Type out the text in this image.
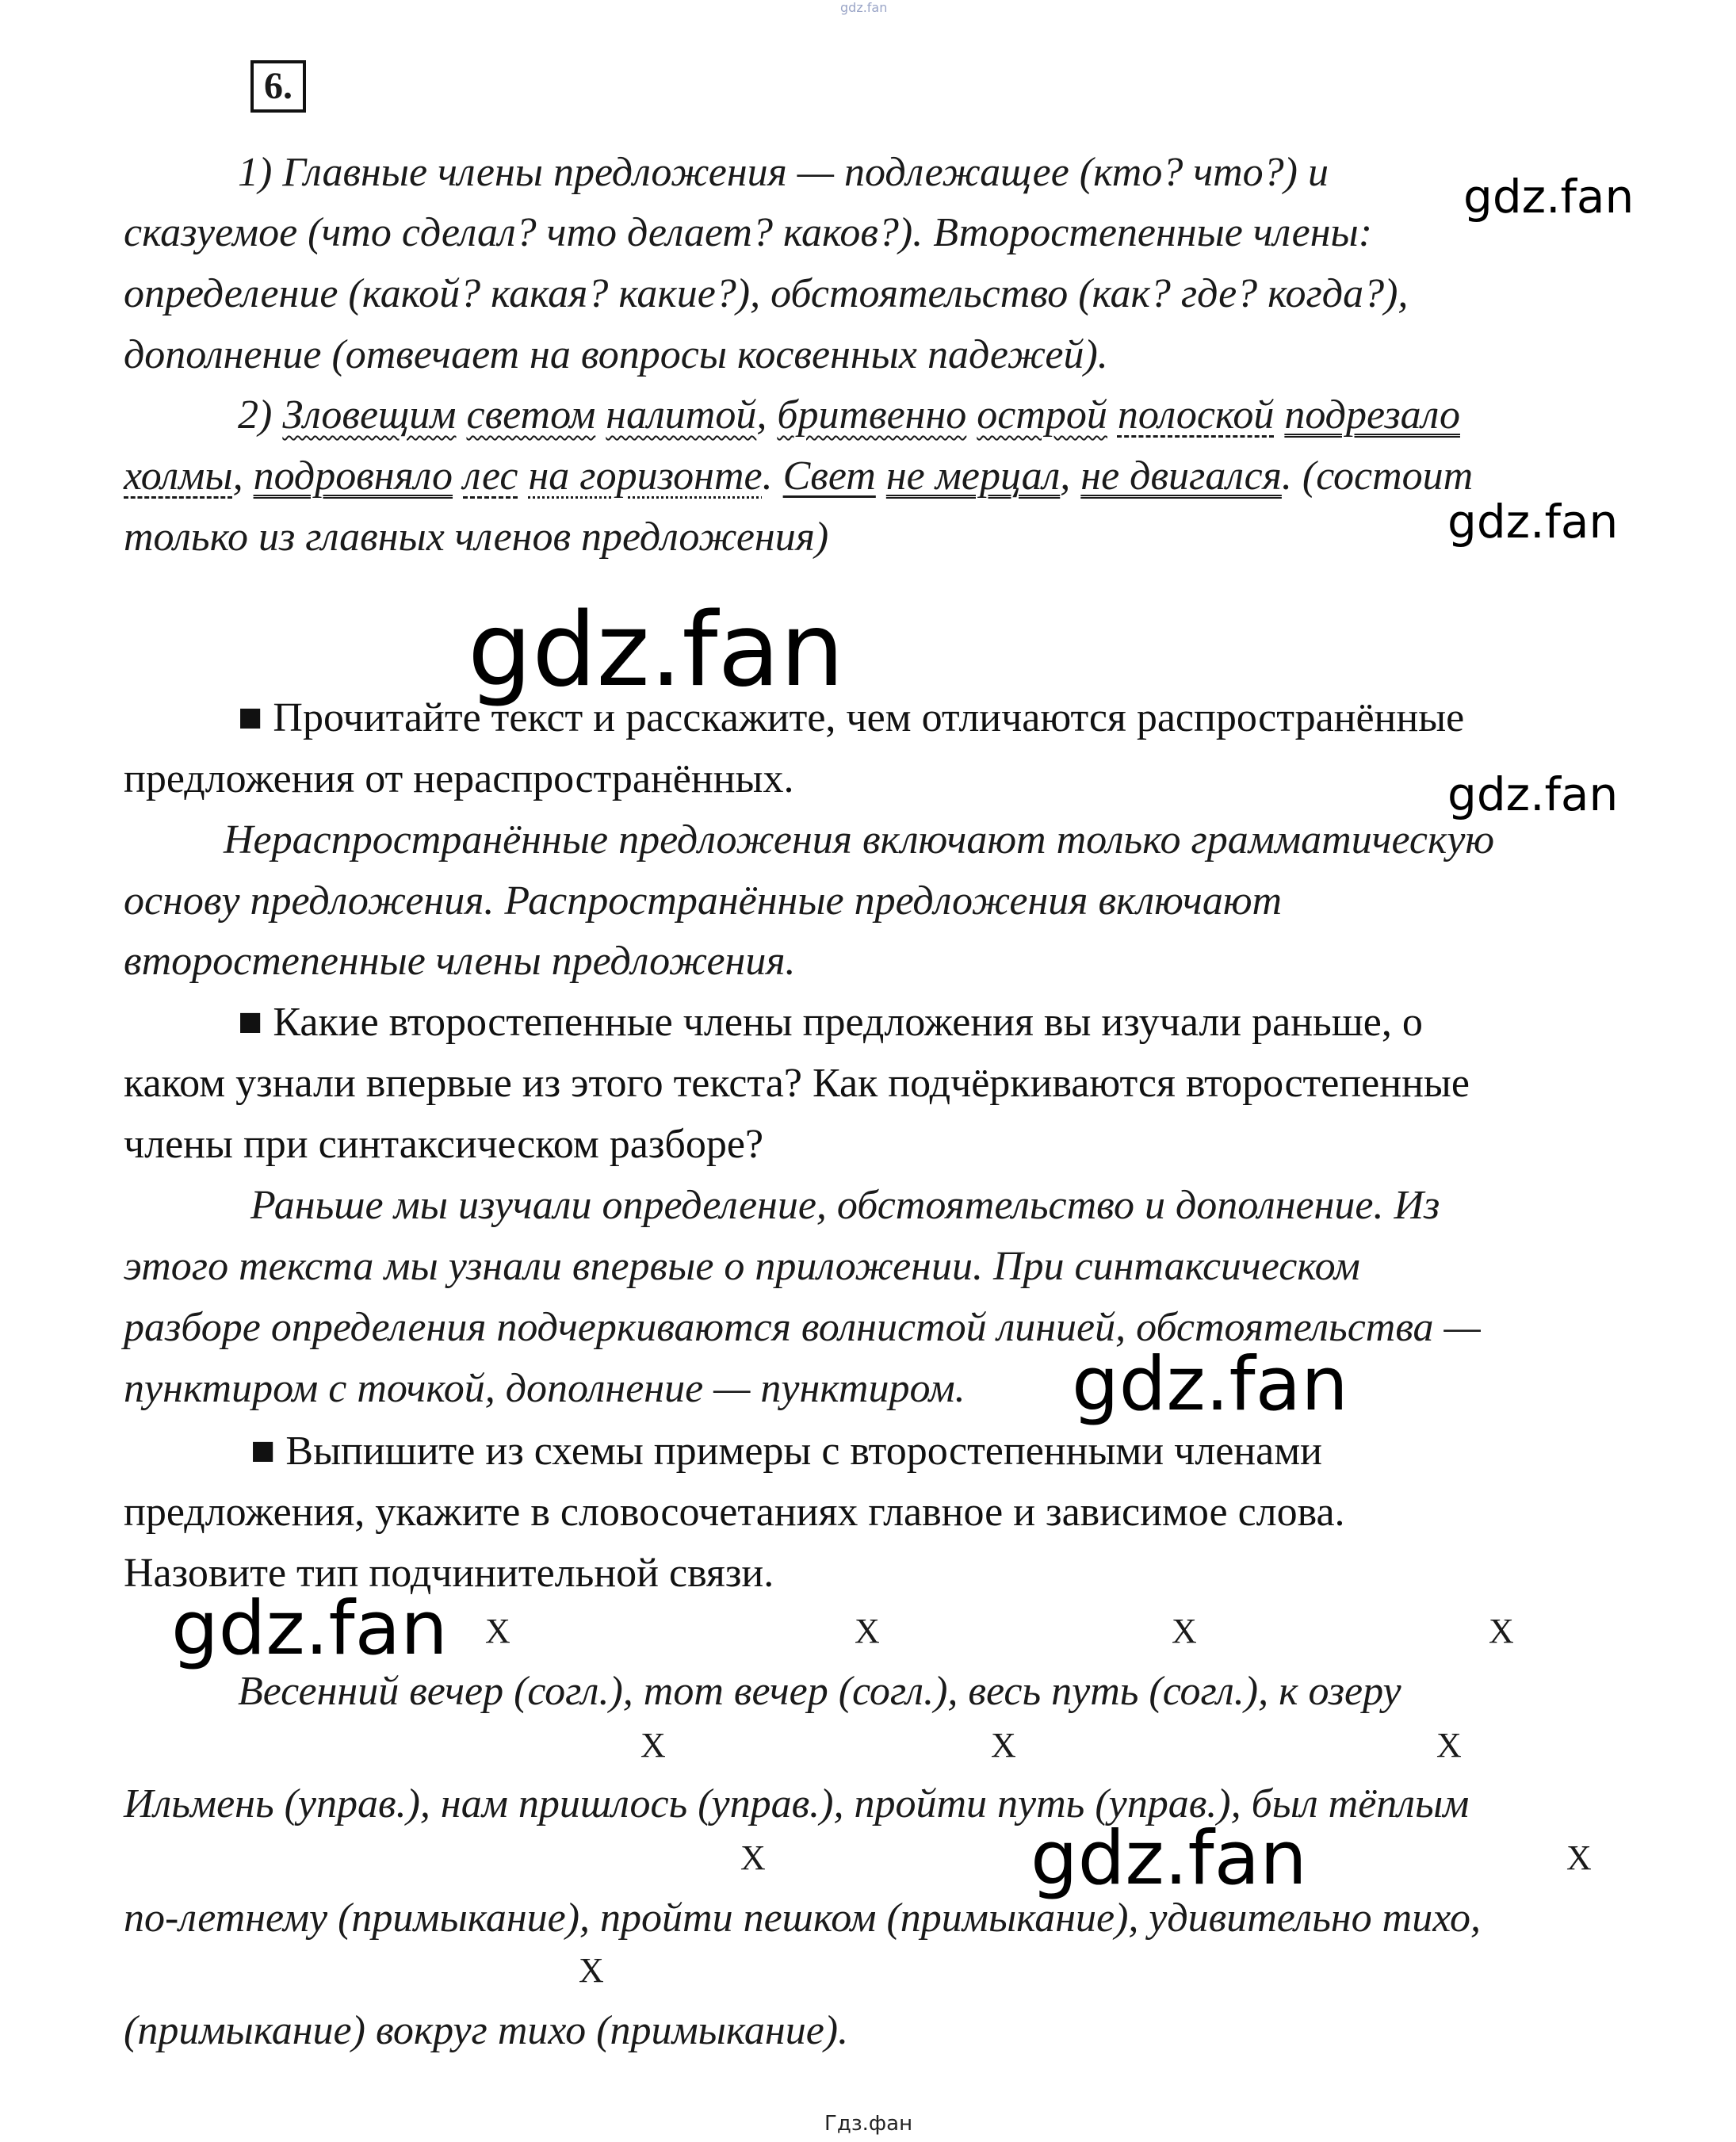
gdz.fan
6.
1) Главные члены предложения — подлежащее (кто? что?) и
сказуемое (что сделал? что делает? каков?). Второстепенные члены:
определение (какой? какая? какие?), обстоятельство (как? где? когда?),
дополнение (отвечает на вопросы косвенных падежей).
2) Зловещим светом налитой, бритвенно острой полоской подрезало
холмы, подровняло лес на горизонте. Свет не мерцал, не двигался. (состоит
только из главных членов предложения)
■ Прочитайте текст и расскажите, чем отличаются распространённые
предложения от нераспространённых.
Нераспространённые предложения включают только грамматическую
основу предложения. Распространённые предложения включают
второстепенные члены предложения.
■ Какие второстепенные члены предложения вы изучали раньше, о
каком узнали впервые из этого текста? Как подчёркиваются второстепенные
члены при синтаксическом разборе?
Раньше мы изучали определение, обстоятельство и дополнение. Из
этого текста мы узнали впервые о приложении. При синтаксическом
разборе определения подчеркиваются волнистой линией, обстоятельства —
пунктиром с точкой, дополнение — пунктиром.
■ Выпишите из схемы примеры с второстепенными членами
предложения, укажите в словосочетаниях главное и зависимое слова.
Назовите тип подчинительной связи.
X	X	X	X
Весенний вечер (согл.), тот вечер (согл.), весь путь (согл.), к озеру
X	X	X
Ильмень (управ.), нам пришлось (управ.), пройти путь (управ.), был тёплым
X	X
по-летнему (примыкание), пройти пешком (примыкание), удивительно тихо,
X
(примыкание) вокруг тихо (примыкание).
gdz.fan
gdz.fan
gdz.fan
gdz.fan
gdz.fan
gdz.fan
gdz.fan
Гдз.фан
